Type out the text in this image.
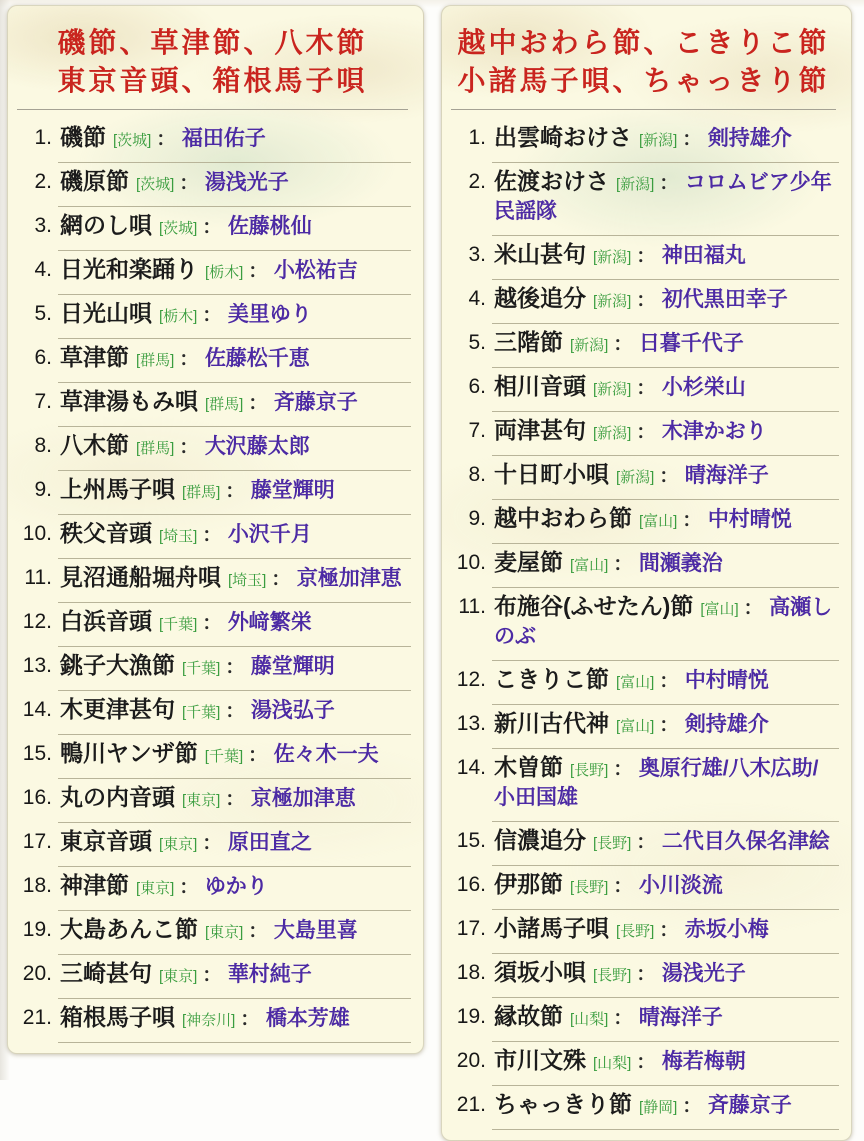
磯節、草津節、八木節
東京音頭、箱根馬子唄
1. 磯節 [茨城] ： 福田佑子
2. 磯原節 [茨城] ： 湯浅光子
3. 網のし唄 [茨城] ： 佐藤桃仙
4. 日光和楽踊り [栃木] ： 小松祐吉
5. 日光山唄 [栃木] ： 美里ゆり
6. 草津節 [群馬] ： 佐藤松千恵
7. 草津湯もみ唄 [群馬] ： 斉藤京子
8. 八木節 [群馬] ： 大沢藤太郎
9. 上州馬子唄 [群馬] ： 藤堂輝明
10. 秩父音頭 [埼玉] ： 小沢千月
11. 見沼通船堀舟唄 [埼玉] ： 京極加津恵
12. 白浜音頭 [千葉] ： 外﨑繁栄
13. 銚子大漁節 [千葉] ： 藤堂輝明
14. 木更津甚句 [千葉] ： 湯浅弘子
15. 鴨川ヤンザ節 [千葉] ： 佐々木一夫
16. 丸の内音頭 [東京] ： 京極加津恵
17. 東京音頭 [東京] ： 原田直之
18. 神津節 [東京] ： ゆかり
19. 大島あんこ節 [東京] ： 大島里喜
20. 三崎甚句 [東京] ： 華村純子
21. 箱根馬子唄 [神奈川] ： 橋本芳雄
越中おわら節、こきりこ節
小諸馬子唄、ちゃっきり節
1. 出雲崎おけさ [新潟] ： 剣持雄介
2. 佐渡おけさ [新潟] ： コロムビア少年民謡隊
3. 米山甚句 [新潟] ： 神田福丸
4. 越後追分 [新潟] ： 初代黒田幸子
5. 三階節 [新潟] ： 日暮千代子
6. 相川音頭 [新潟] ： 小杉栄山
7. 両津甚句 [新潟] ： 木津かおり
8. 十日町小唄 [新潟] ： 晴海洋子
9. 越中おわら節 [富山] ： 中村晴悦
10. 麦屋節 [富山] ： 間瀬義治
11. 布施谷(ふせたん)節 [富山] ： 高瀬しのぶ
12. こきりこ節 [富山] ： 中村晴悦
13. 新川古代神 [富山] ： 剣持雄介
14. 木曽節 [長野] ： 奥原行雄/八木広助/小田国雄
15. 信濃追分 [長野] ： 二代目久保名津絵
16. 伊那節 [長野] ： 小川淡流
17. 小諸馬子唄 [長野] ： 赤坂小梅
18. 須坂小唄 [長野] ： 湯浅光子
19. 縁故節 [山梨] ： 晴海洋子
20. 市川文殊 [山梨] ： 梅若梅朝
21. ちゃっきり節 [静岡] ： 斉藤京子
